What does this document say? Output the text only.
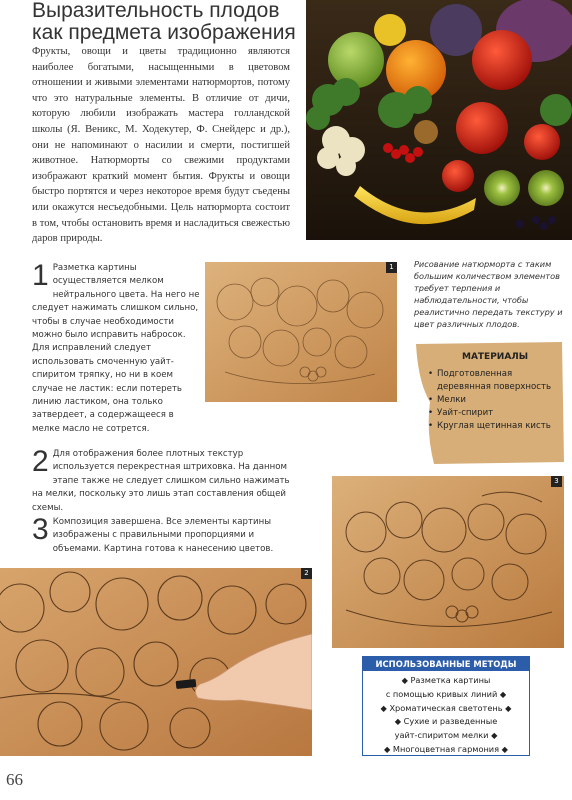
Выразительность плодов как предмета изображения
Фрукты, овощи и цветы традиционно являются наиболее богатыми, насыщенными в цветовом отношении и живыми элементами натюрмортов, потому что это натуральные элементы. В отличие от дичи, которую любили изображать мастера голландской школы (Я. Веникс, М. Ходекутер, Ф. Снейдерс и др.), они не напоминают о насилии и смерти, постигшей животное. Натюрморты со свежими продуктами изображают краткий момент бытия. Фрукты и овощи быстро портятся и через некоторое время будут съедены или окажутся несъедобными. Цель натюрморта состоит в том, чтобы остановить время и насладиться свежестью даров природы.
1 Разметка картины осуществляется мелком нейтрального цвета. На него не следует нажимать слишком сильно, чтобы в случае необходимости можно было исправить набросок. Для исправлений следует использовать смоченную уайт-спиритом тряпку, но ни в коем случае не ластик: если потереть линию ластиком, она только затвердеет, а содержащееся в мелке масло не сотрется.
1	Рисование натюрморта с таким большим количеством элементов требует терпения и наблюдательности, чтобы реалистично передать текстуру и цвет различных плодов.
МАТЕРИАЛЫ
• Подготовленная деревянная поверхность
• Мелки
• Уайт-спирит
• Круглая щетинная кисть
2 Для отображения более плотных текстур используется перекрестная штриховка. На данном этапе также не следует слишком сильно нажимать на мелки, поскольку это лишь этап составления общей схемы.
3
3 Композиция завершена. Все элементы картины изображены с правильными пропорциями и объемами. Картина готова к нанесению цветов.
2
ИСПОЛЬЗОВАННЫЕ МЕТОДЫ
◆ Разметка картины
с помощью кривых линий ◆
◆ Хроматическая светотень ◆
◆ Сухие и разведенные
уайт-спиритом мелки ◆
◆ Многоцветная гармония ◆
66
